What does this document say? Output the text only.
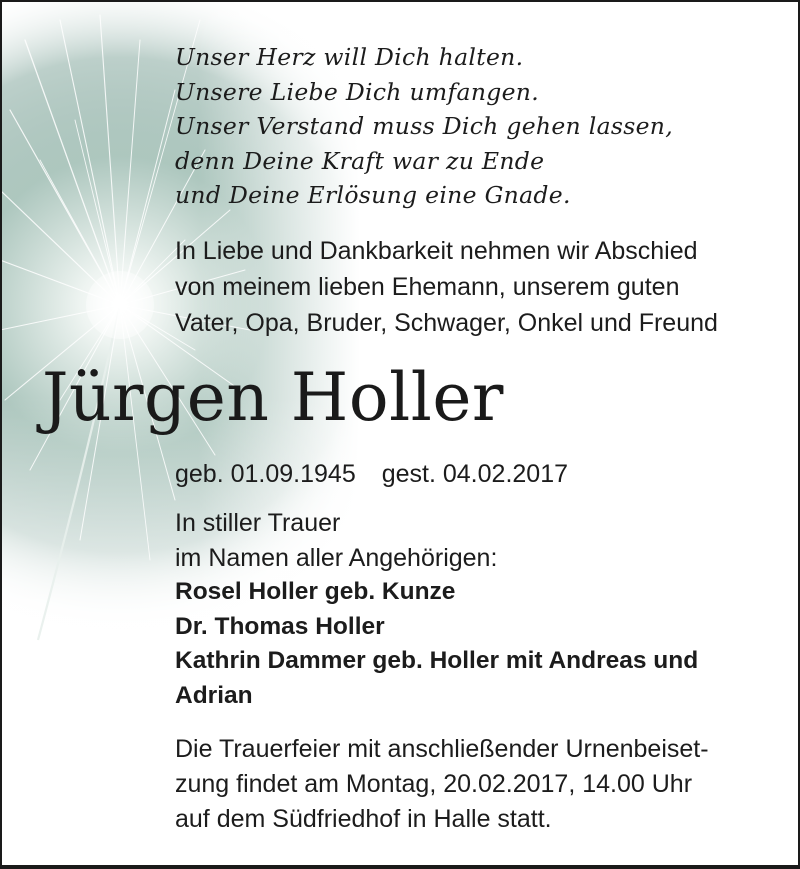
Unser Herz will Dich halten.
Unsere Liebe Dich umfangen.
Unser Verstand muss Dich gehen lassen,
denn Deine Kraft war zu Ende
und Deine Erlösung eine Gnade.
In Liebe und Dankbarkeit nehmen wir Abschied
von meinem lieben Ehemann, unserem guten
Vater, Opa, Bruder, Schwager, Onkel und Freund
Jürgen Holler
geb. 01.09.1945 gest. 04.02.2017
In stiller Trauer
im Namen aller Angehörigen:
Rosel Holler geb. Kunze
Dr. Thomas Holler
Kathrin Dammer geb. Holler mit Andreas und
Adrian
Die Trauerfeier mit anschließender Urnenbeiset-
zung findet am Montag, 20.02.2017, 14.00 Uhr
auf dem Südfriedhof in Halle statt.
